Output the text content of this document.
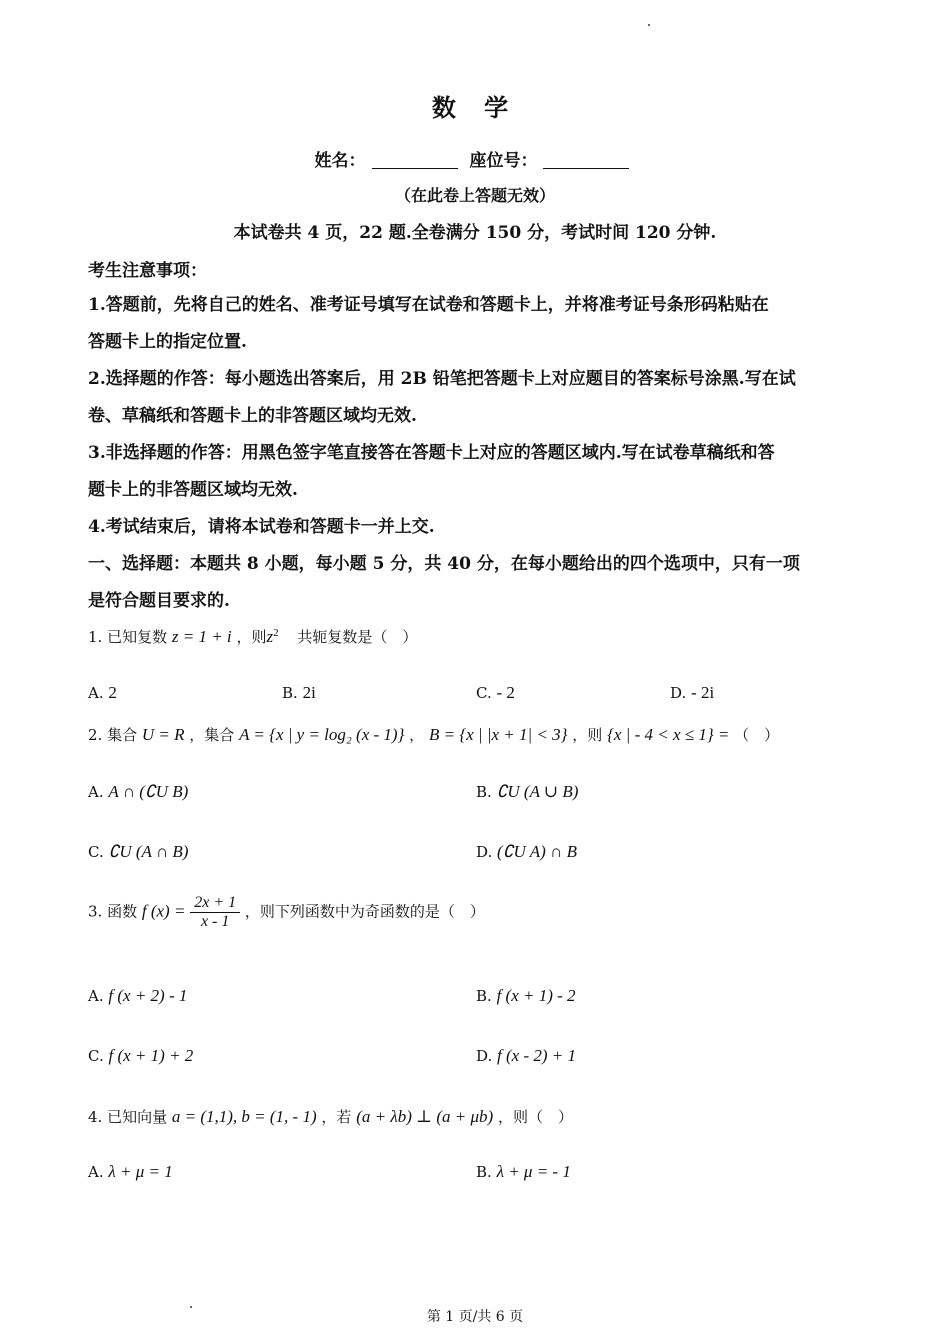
数 学
姓名：	座位号：
（在此卷上答题无效）
本试卷共 4 页，22 题.全卷满分 150 分，考试时间 120 分钟.
考生注意事项：
1.答题前，先将自己的姓名、准考证号填写在试卷和答题卡上，并将准考证号条形码粘贴在
答题卡上的指定位置.
2.选择题的作答：每小题选出答案后，用 2B 铅笔把答题卡上对应题目的答案标号涂黑.写在试
卷、草稿纸和答题卡上的非答题区域均无效.
3.非选择题的作答：用黑色签字笔直接答在答题卡上对应的答题区域内.写在试卷草稿纸和答
题卡上的非答题区域均无效.
4.考试结束后，请将本试卷和答题卡一并上交.
一、选择题：本题共 8 小题，每小题 5 分，共 40 分，在每小题给出的四个选项中，只有一项
是符合题目要求的.
1. 已知复数 z = 1 + i ，则$z^2$ 共轭复数是（　）
A. 2	B. 2i	C. - 2	D. - 2i
2. 集合 U = R ，集合 A = {x | y = log₂ (x - 1)} ， B = {x | |x + 1| < 3} ，则 {x | - 4 < x ≤ 1} = （　）
A. A ∩ (∁U B)	B. ∁U (A ∪ B)
C. ∁U (A ∩ B)	D. (∁U A) ∩ B
3. 函数 f $(x) = \frac{2x + 1}{x - 1}$ ，则下列函数中为奇函数的是（　）
A. f (x + 2) - 1	B. f (x + 1) - 2
C. f (x + 1) + 2	D. f (x - 2) + 1
4. 已知向量 a = (1,1), b = (1, - 1) ，若 (a + λb) ⊥ (a + μb) ，则（　）
A. λ + μ = 1	B. λ + μ = - 1
第 1 页/共 6 页
